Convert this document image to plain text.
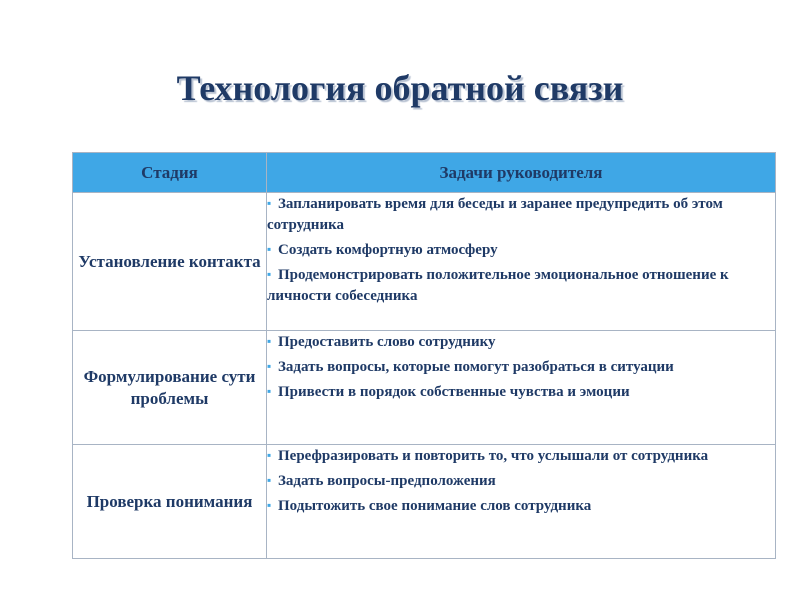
Технология обратной связи
Стадия	Задачи руководителя
Установление контакта	▪ Запланировать время для беседы и заранее предупредить об этом сотрудника
▪ Создать комфортную атмосферу
▪ Продемонстрировать положительное эмоциональное отношение к личности собеседника

Формулирование сути проблемы	▪ Предоставить слово сотруднику
▪ Задать вопросы, которые помогут разобраться в ситуации
▪ Привести в порядок собственные чувства и эмоции

Проверка понимания	▪ Перефразировать и повторить то, что услышали от сотрудника
▪ Задать вопросы-предположения
▪ Подытожить свое понимание слов сотрудника
